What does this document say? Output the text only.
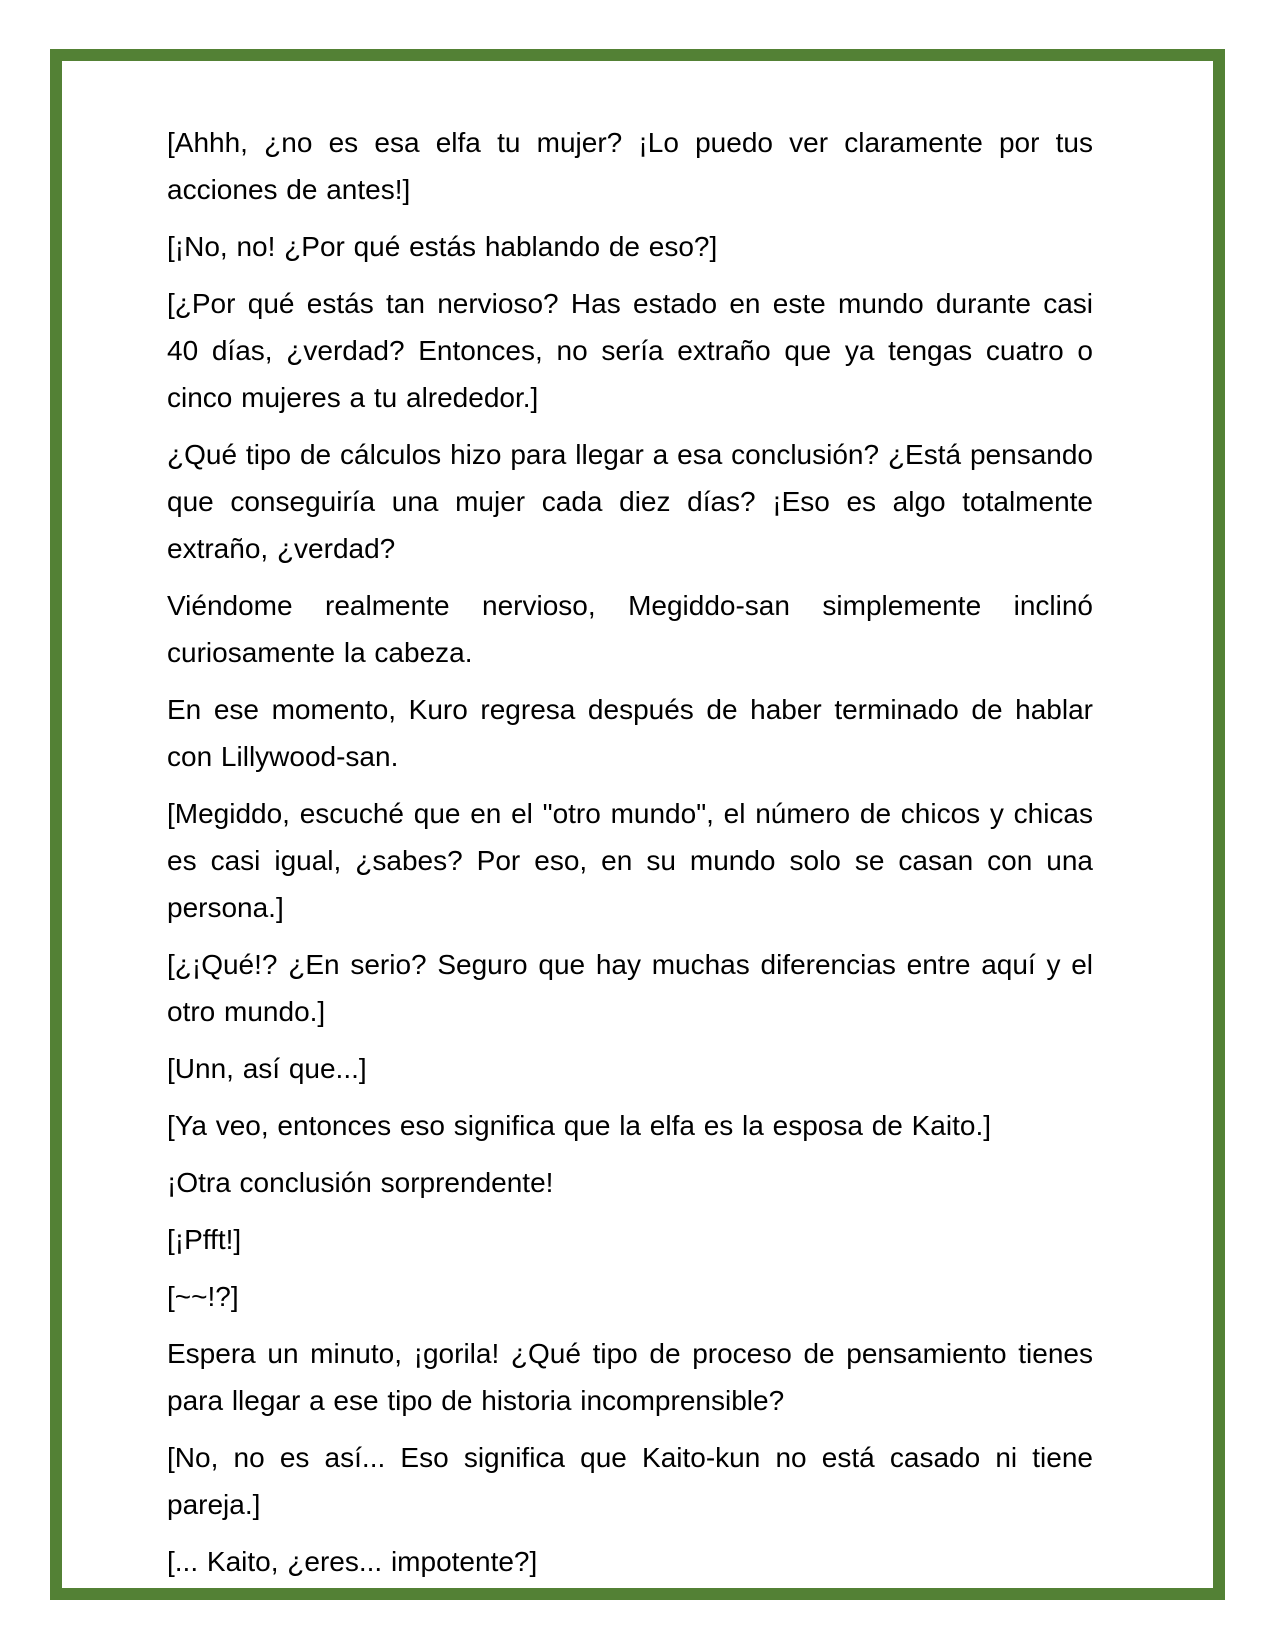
[Ahhh, ¿no es esa elfa tu mujer? ¡Lo puedo ver claramente por tus acciones de antes!]

[¡No, no! ¿Por qué estás hablando de eso?]

[¿Por qué estás tan nervioso? Has estado en este mundo durante casi 40 días, ¿verdad? Entonces, no sería extraño que ya tengas cuatro o cinco mujeres a tu alrededor.]

¿Qué tipo de cálculos hizo para llegar a esa conclusión? ¿Está pensando que conseguiría una mujer cada diez días? ¡Eso es algo totalmente extraño, ¿verdad?

Viéndome realmente nervioso, Megiddo-san simplemente inclinó curiosamente la cabeza.

En ese momento, Kuro regresa después de haber terminado de hablar con Lillywood-san.

[Megiddo, escuché que en el "otro mundo", el número de chicos y chicas es casi igual, ¿sabes? Por eso, en su mundo solo se casan con una persona.]

[¿¡Qué!? ¿En serio? Seguro que hay muchas diferencias entre aquí y el otro mundo.]

[Unn, así que...]

[Ya veo, entonces eso significa que la elfa es la esposa de Kaito.]

¡Otra conclusión sorprendente!

[¡Pfft!]

[~~!?]

Espera un minuto, ¡gorila! ¿Qué tipo de proceso de pensamiento tienes para llegar a ese tipo de historia incomprensible?

[No, no es así... Eso significa que Kaito-kun no está casado ni tiene pareja.]

[... Kaito, ¿eres... impotente?]
